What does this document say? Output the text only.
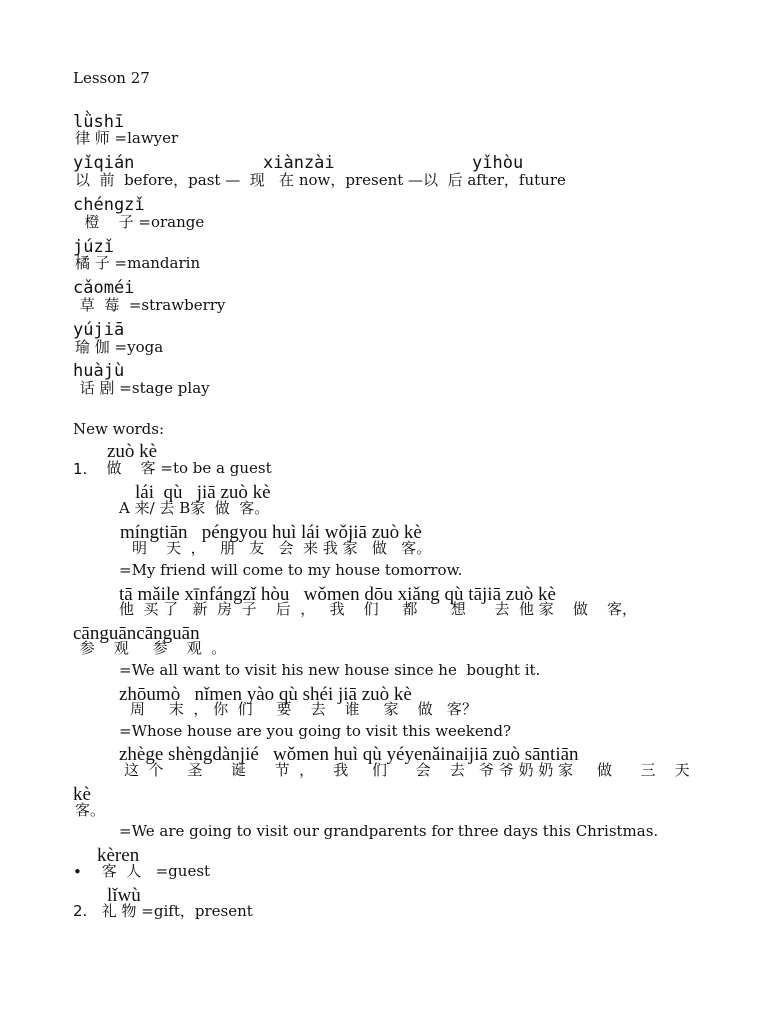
Lesson 27
lǜshī
律 师 =lawyer
yǐqián	xiànzài	yǐhòu
以  前  before，past —  现   在 now，present —以  后 after，future
chéngzǐ
橙    子 =orange
júzǐ
橘 子 =mandarin
cǎoméi
草  莓  =strawberry
yújiā
瑜 伽 =yoga
huàjù
话 剧 =stage play
New words:
zuò kè
1. 做    客 =to be a guest
lái  qù   jiā zuò kè
A 来/ 去 B家  做  客。
míngtiān   péngyou huì lái wǒjiā zuò kè
明    天  ，   朋   友   会  来 我 家   做   客。
=My friend will come to my house tomorrow.
tā mǎile xīnfángzǐ hòu   wǒmen dōu xiǎng qù tājiā zuò kè
他  买 了   新  房  子    后  ，   我    们     都       想      去  他 家    做    客，
cānguāncānguān
参    观     参    观  。
=We all want to visit his new house since he  bought it.
zhōumò   nǐmen yào qù shéi jiā zuò kè
周     末  ， 你  们     要    去    谁     家    做   客？
=Whose house are you going to visit this weekend?
zhège shèngdànjié   wǒmen huì qù yéyenǎinaijiā zuò sāntiān
这  个     圣      诞      节  ，    我     们      会    去   爷 爷 奶 奶 家     做      三    天
kè
客。
=We are going to visit our grandparents for three days this Christmas.
kèren
• 客  人   =guest
lǐwù
2. 礼 物 =gift，present
